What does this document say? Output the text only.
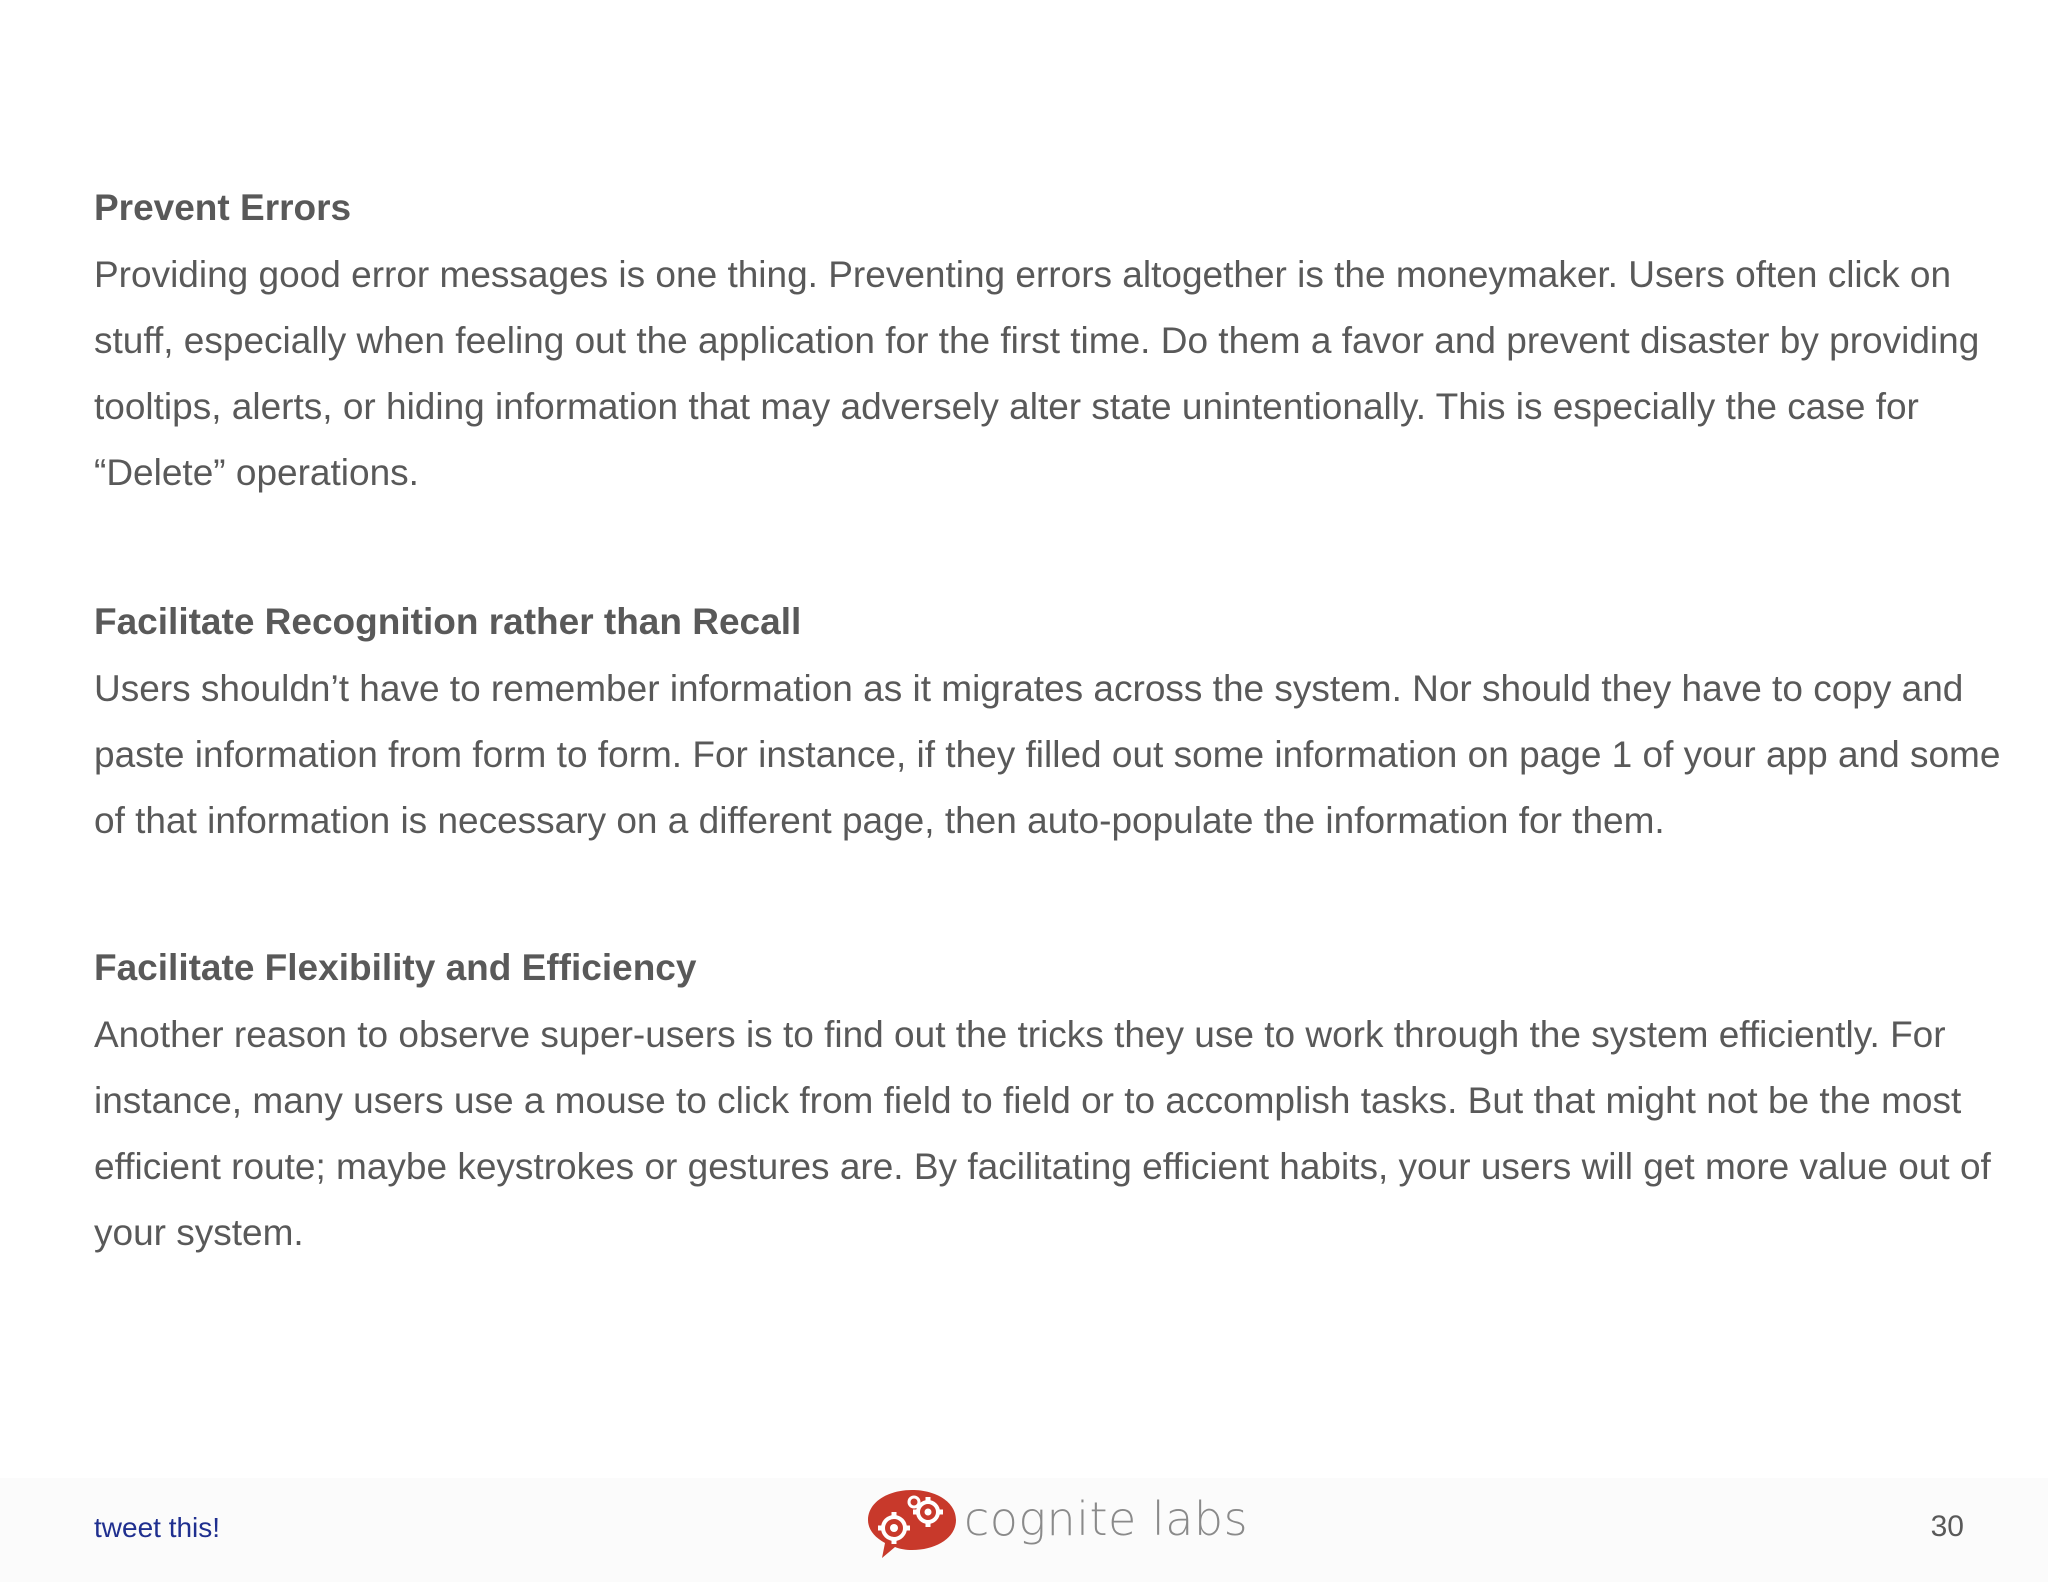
Prevent Errors

Providing good error messages is one thing. Preventing errors altogether is the moneymaker. Users often click on stuff, especially when feeling out the application for the first time. Do them a favor and prevent disaster by providing tooltips, alerts, or hiding information that may adversely alter state unintentionally. This is especially the case for “Delete” operations.

Facilitate Recognition rather than Recall

Users shouldn’t have to remember information as it migrates across the system. Nor should they have to copy and paste information from form to form. For instance, if they filled out some information on page 1 of your app and some of that information is necessary on a different page, then auto-populate the information for them.

Facilitate Flexibility and Efficiency

Another reason to observe super-users is to find out the tricks they use to work through the system efficiently. For instance, many users use a mouse to click from field to field or to accomplish tasks. But that might not be the most efficient route; maybe keystrokes or gestures are. By facilitating efficient habits, your users will get more value out of your system.

tweet this!	cognite labs	30
